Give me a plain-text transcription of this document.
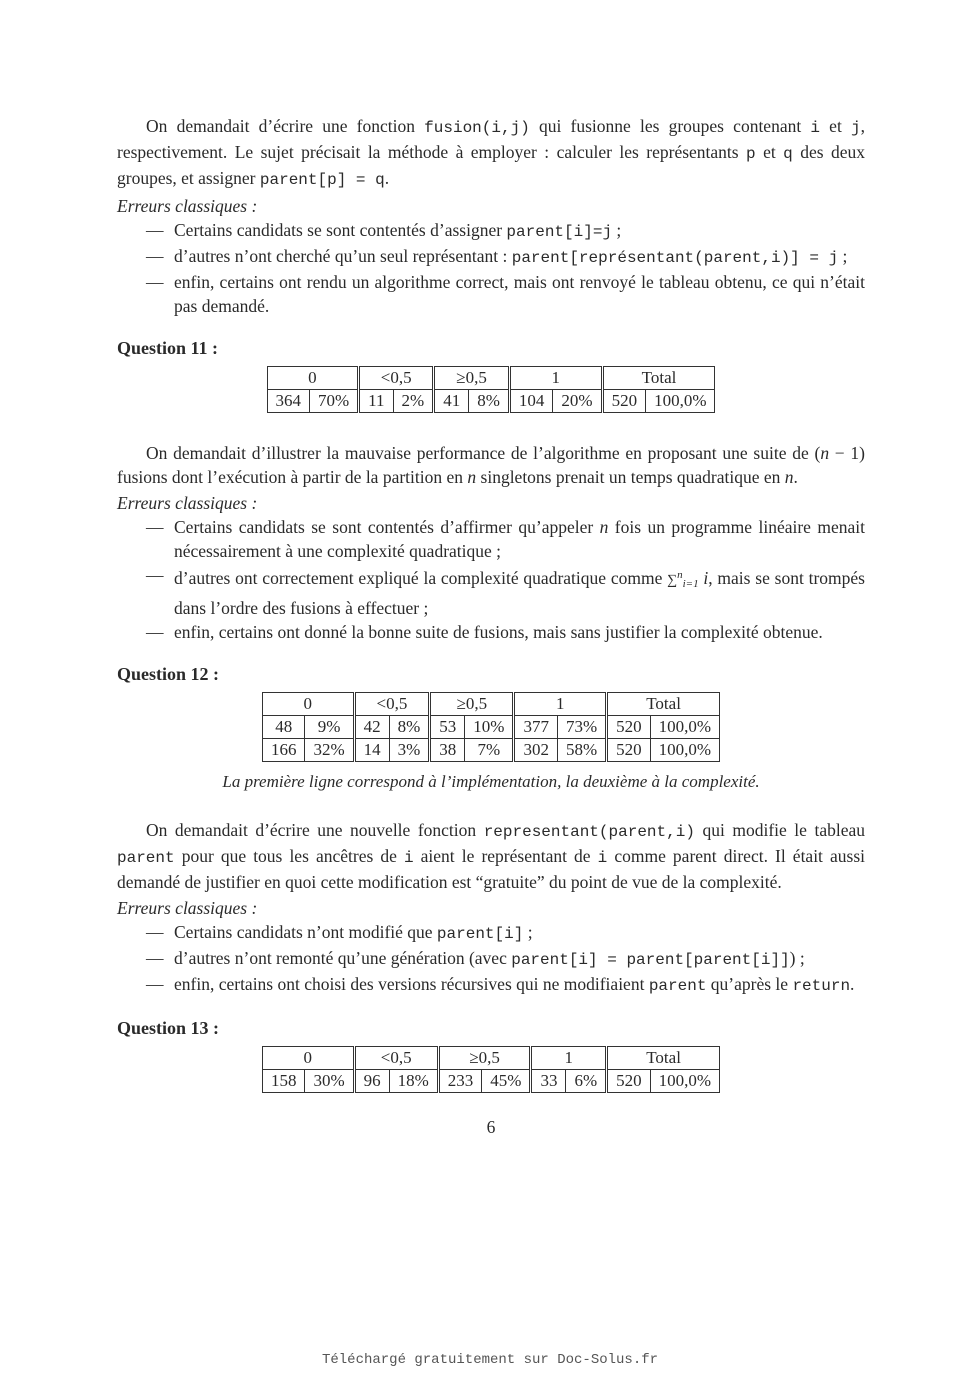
On demandait d’écrire une fonction fusion(i,j) qui fusionne les groupes contenant i et j, respectivement. Le sujet précisait la méthode à employer : calculer les représentants p et q des deux groupes, et assigner parent[p] = q.

Erreurs classiques :
— Certains candidats se sont contentés d’assigner parent[i]=j ;
— d’autres n’ont cherché qu’un seul représentant : parent[représentant(parent,i)] = j ;
— enfin, certains ont rendu un algorithme correct, mais ont renvoyé le tableau obtenu, ce qui n’était pas demandé.
Question 11 :
0		<0,5		≥0,5		1		Total	
364	70%	11	2%	41	8%	104	20%	520	100,0%

On demandait d’illustrer la mauvaise performance de l’algorithme en proposant une suite de (n − 1) fusions dont l’exécution à partir de la partition en n singletons prenait un temps quadratique en n.

Erreurs classiques :
— Certains candidats se sont contentés d’affirmer qu’appeler n fois un programme linéaire menait nécessairement à une complexité quadratique ;
— d’autres ont correctement expliqué la complexité quadratique comme ∑$^n_{i=1}$ i, mais se sont trompés dans l’ordre des fusions à effectuer ;
— enfin, certains ont donné la bonne suite de fusions, mais sans justifier la complexité obtenue.
Question 12 :
0		<0,5		≥0,5		1		Total	
48	9%	42	8%	53	10%	377	73%	520	100,0%
166	32%	14	3%	38	7%	302	58%	520	100,0%
La première ligne correspond à l’implémentation, la deuxième à la complexité.

On demandait d’écrire une nouvelle fonction representant(parent,i) qui modifie le tableau parent pour que tous les ancêtres de i aient le représentant de i comme parent direct. Il était aussi demandé de justifier en quoi cette modification est “gratuite” du point de vue de la complexité.

Erreurs classiques :
— Certains candidats n’ont modifié que parent[i] ;
— d’autres n’ont remonté qu’une génération (avec parent[i] = parent[parent[i]]) ;
— enfin, certains ont choisi des versions récursives qui ne modifiaient parent qu’après le return.
Question 13 :
0		<0,5		≥0,5		1		Total	
158	30%	96	18%	233	45%	33	6%	520	100,0%
6
Téléchargé gratuitement sur Doc-Solus.fr
